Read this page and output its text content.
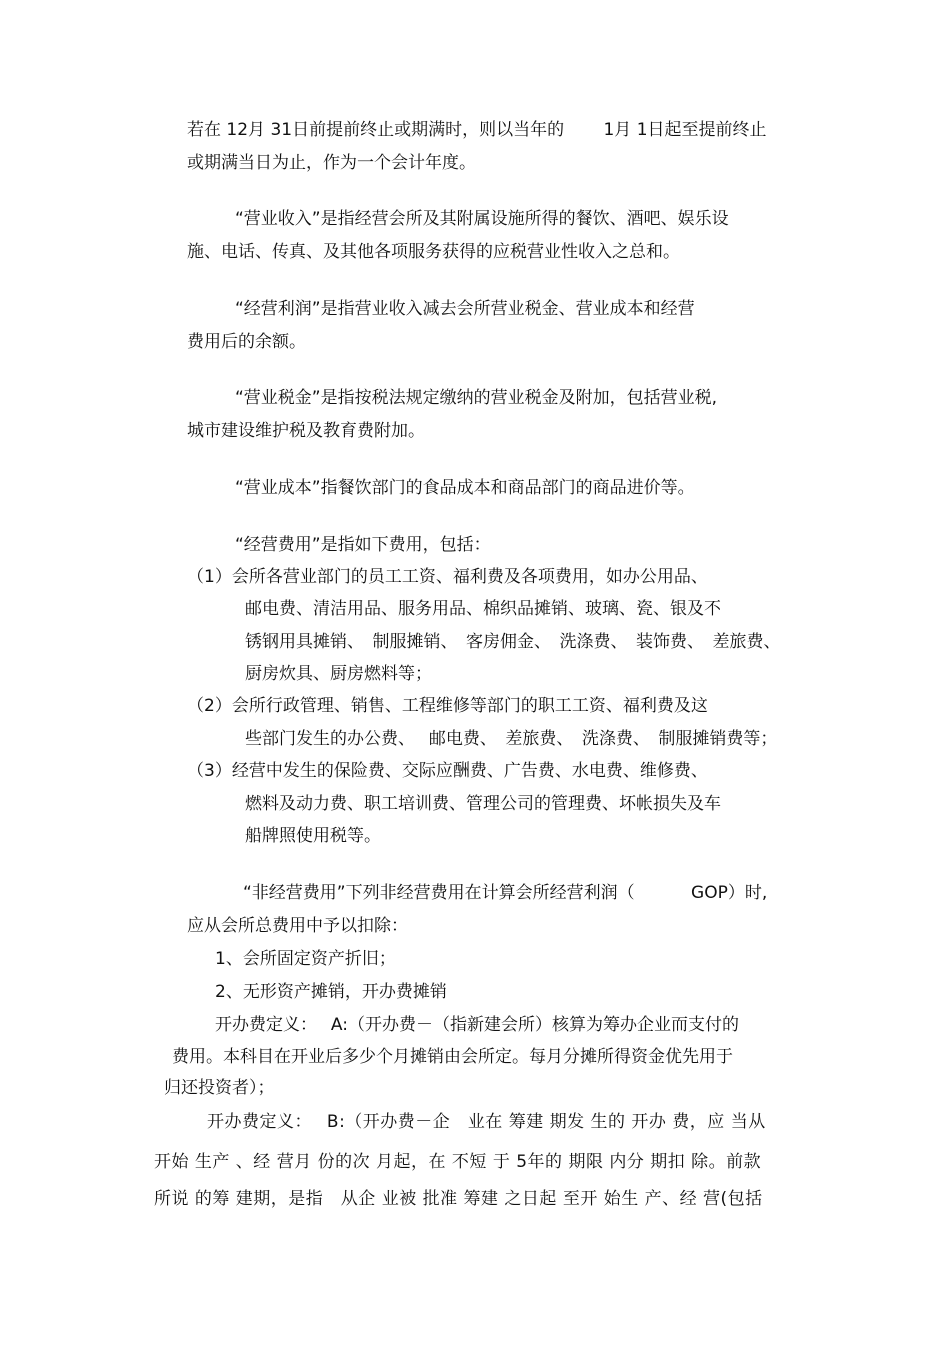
若在 12月 31日前提前终止或期满时，则以当年的　　 1月 1日起至提前终止
或期满当日为止，作为一个会计年度。
“营业收入”是指经营会所及其附属设施所得的餐饮、酒吧、娱乐设
施、电话、传真、及其他各项服务获得的应税营业性收入之总和。
“经营利润”是指营业收入减去会所营业税金、营业成本和经营
费用后的余额。
“营业税金”是指按税法规定缴纳的营业税金及附加，包括营业税,
城市建设维护税及教育费附加。
“营业成本”指餐饮部门的食品成本和商品部门的商品进价等。
“经营费用”是指如下费用，包括：
（1）会所各营业部门的员工工资、福利费及各项费用，如办公用品、
邮电费、清洁用品、服务用品、棉织品摊销、玻璃、瓷、银及不
锈钢用具摊销、　制服摊销、　客房佣金、　洗涤费、　装饰费、　差旅费、
厨房炊具、厨房燃料等；
（2）会所行政管理、销售、工程维修等部门的职工工资、福利费及这
些部门发生的办公费、　 邮电费、　差旅费、　洗涤费、　制服摊销费等；
（3）经营中发生的保险费、交际应酬费、广告费、水电费、维修费、
燃料及动力费、职工培训费、管理公司的管理费、坏帐损失及车
船牌照使用税等。
“非经营费用”下列非经营费用在计算会所经营利润（　　　 GOP）时,
应从会所总费用中予以扣除：
1、会所固定资产折旧；
2、无形资产摊销，开办费摊销
开办费定义：　 A:（开办费－（指新建会所）核算为筹办企业而支付的
费用。本科目在开业后多少个月摊销由会所定。每月分摊所得资金优先用于
归还投资者）；
开办费定义：　 B:（开办费－企　业在 筹建 期发 生的 开办 费，应 当从
开始 生产 、经 营月 份的次 月起，在 不短 于 5年的 期限 内分 期扣 除。前款
所说 的筹 建期，是指　从企 业被 批准 筹建 之日起 至开 始生 产、经 营(包括
